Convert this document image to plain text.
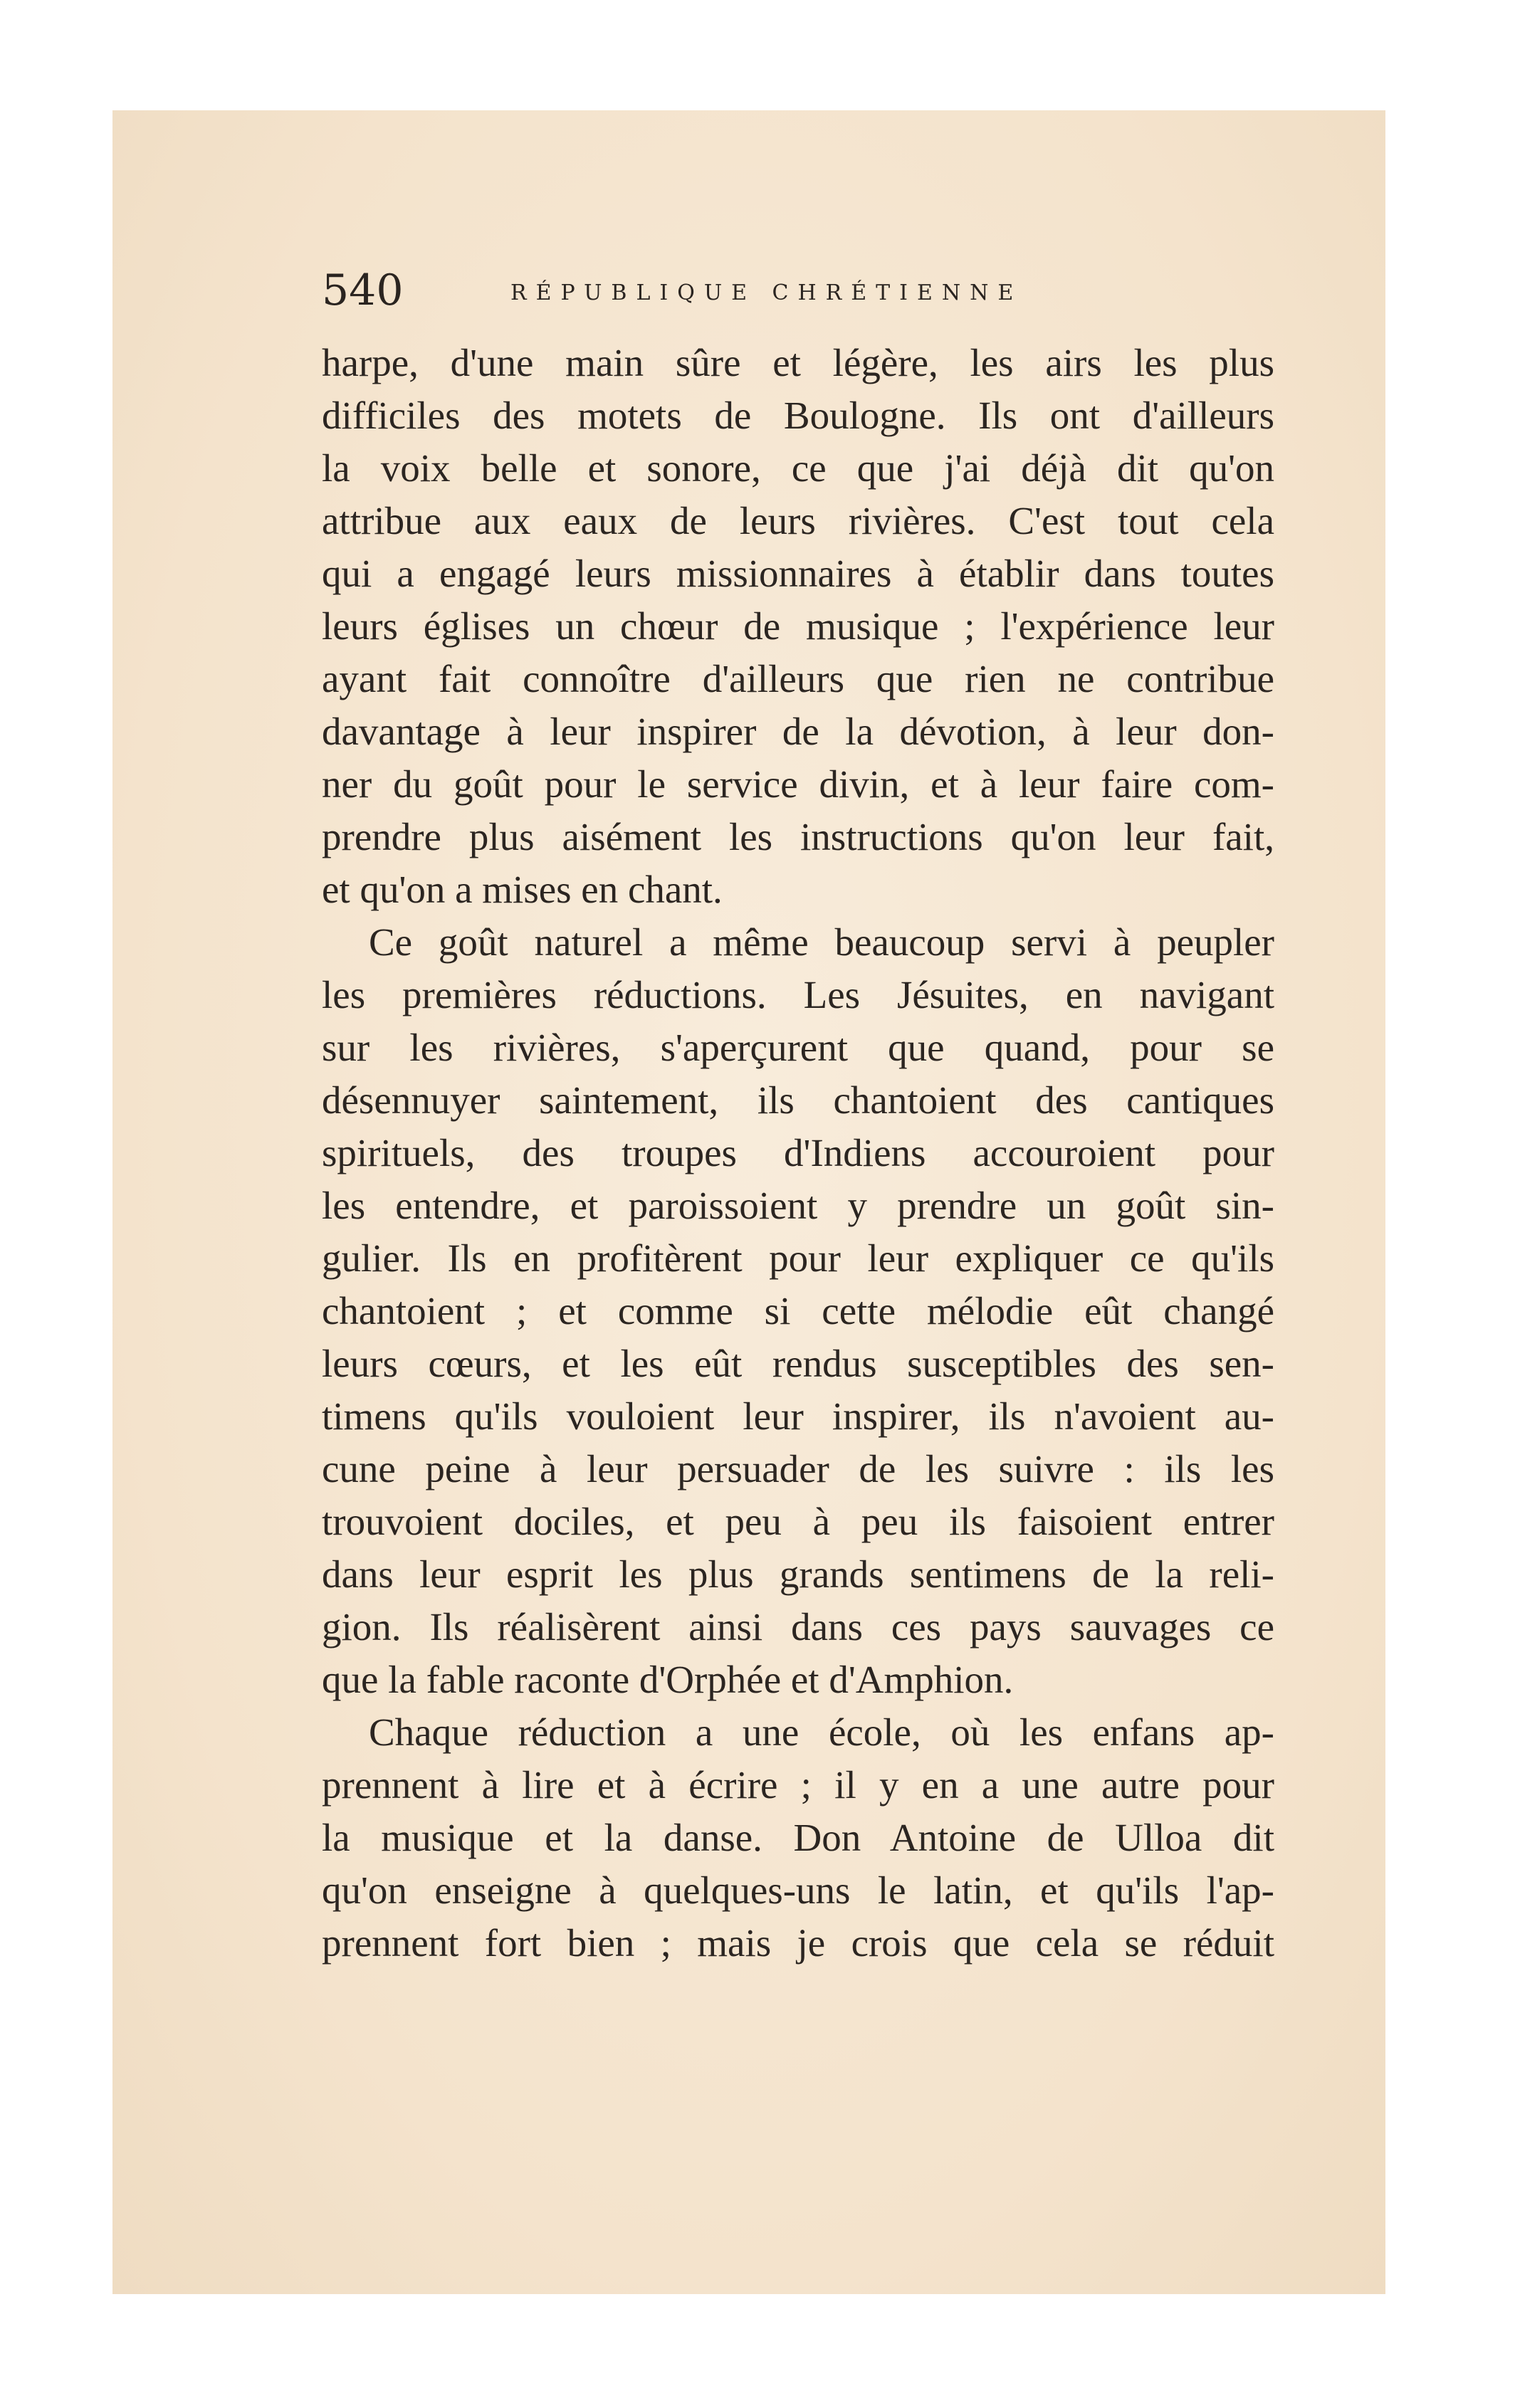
540	RÉPUBLIQUE CHRÉTIENNE
harpe, d'une main sûre et légère, les airs les plus
difficiles des motets de Boulogne. Ils ont d'ailleurs
la voix belle et sonore, ce que j'ai déjà dit qu'on
attribue aux eaux de leurs rivières. C'est tout cela
qui a engagé leurs missionnaires à établir dans toutes
leurs églises un chœur de musique ; l'expérience leur
ayant fait connoître d'ailleurs que rien ne contribue
davantage à leur inspirer de la dévotion, à leur don-
ner du goût pour le service divin, et à leur faire com-
prendre plus aisément les instructions qu'on leur fait,
et qu'on a mises en chant.
Ce goût naturel a même beaucoup servi à peupler
les premières réductions. Les Jésuites, en navigant
sur les rivières, s'aperçurent que quand, pour se
désennuyer saintement, ils chantoient des cantiques
spirituels, des troupes d'Indiens accouroient pour
les entendre, et paroissoient y prendre un goût sin-
gulier. Ils en profitèrent pour leur expliquer ce qu'ils
chantoient ; et comme si cette mélodie eût changé
leurs cœurs, et les eût rendus susceptibles des sen-
timens qu'ils vouloient leur inspirer, ils n'avoient au-
cune peine à leur persuader de les suivre : ils les
trouvoient dociles, et peu à peu ils faisoient entrer
dans leur esprit les plus grands sentimens de la reli-
gion. Ils réalisèrent ainsi dans ces pays sauvages ce
que la fable raconte d'Orphée et d'Amphion.
Chaque réduction a une école, où les enfans ap-
prennent à lire et à écrire ; il y en a une autre pour
la musique et la danse. Don Antoine de Ulloa dit
qu'on enseigne à quelques-uns le latin, et qu'ils l'ap-
prennent fort bien ; mais je crois que cela se réduit
